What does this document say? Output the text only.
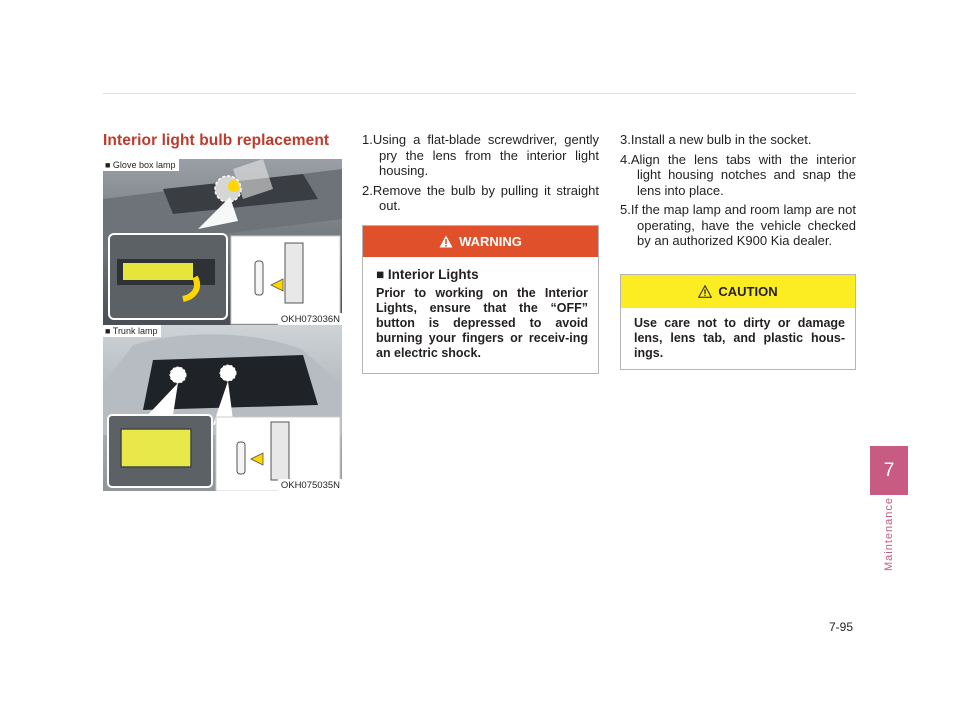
Interior light bulb replacement
■ Glove box lamp
OKH073036N
■ Trunk lamp
OKH075035N
1.Using a flat-blade screwdriver, gently pry the lens from the interior light housing.
2.Remove the bulb by pulling it straight out.
WARNING
■ Interior Lights
Prior to working on the Interior Lights, ensure that the “OFF” button is depressed to avoid burning your fingers or receiv-ing an electric shock.
3.Install a new bulb in the socket.
4.Align the lens tabs with the interior light housing notches and snap the lens into place.
5.If the map lamp and room lamp are not operating, have the vehicle checked by an authorized K900 Kia dealer.
CAUTION
Use care not to dirty or damage lens, lens tab, and plastic hous-ings.
7
Maintenance
7-95
